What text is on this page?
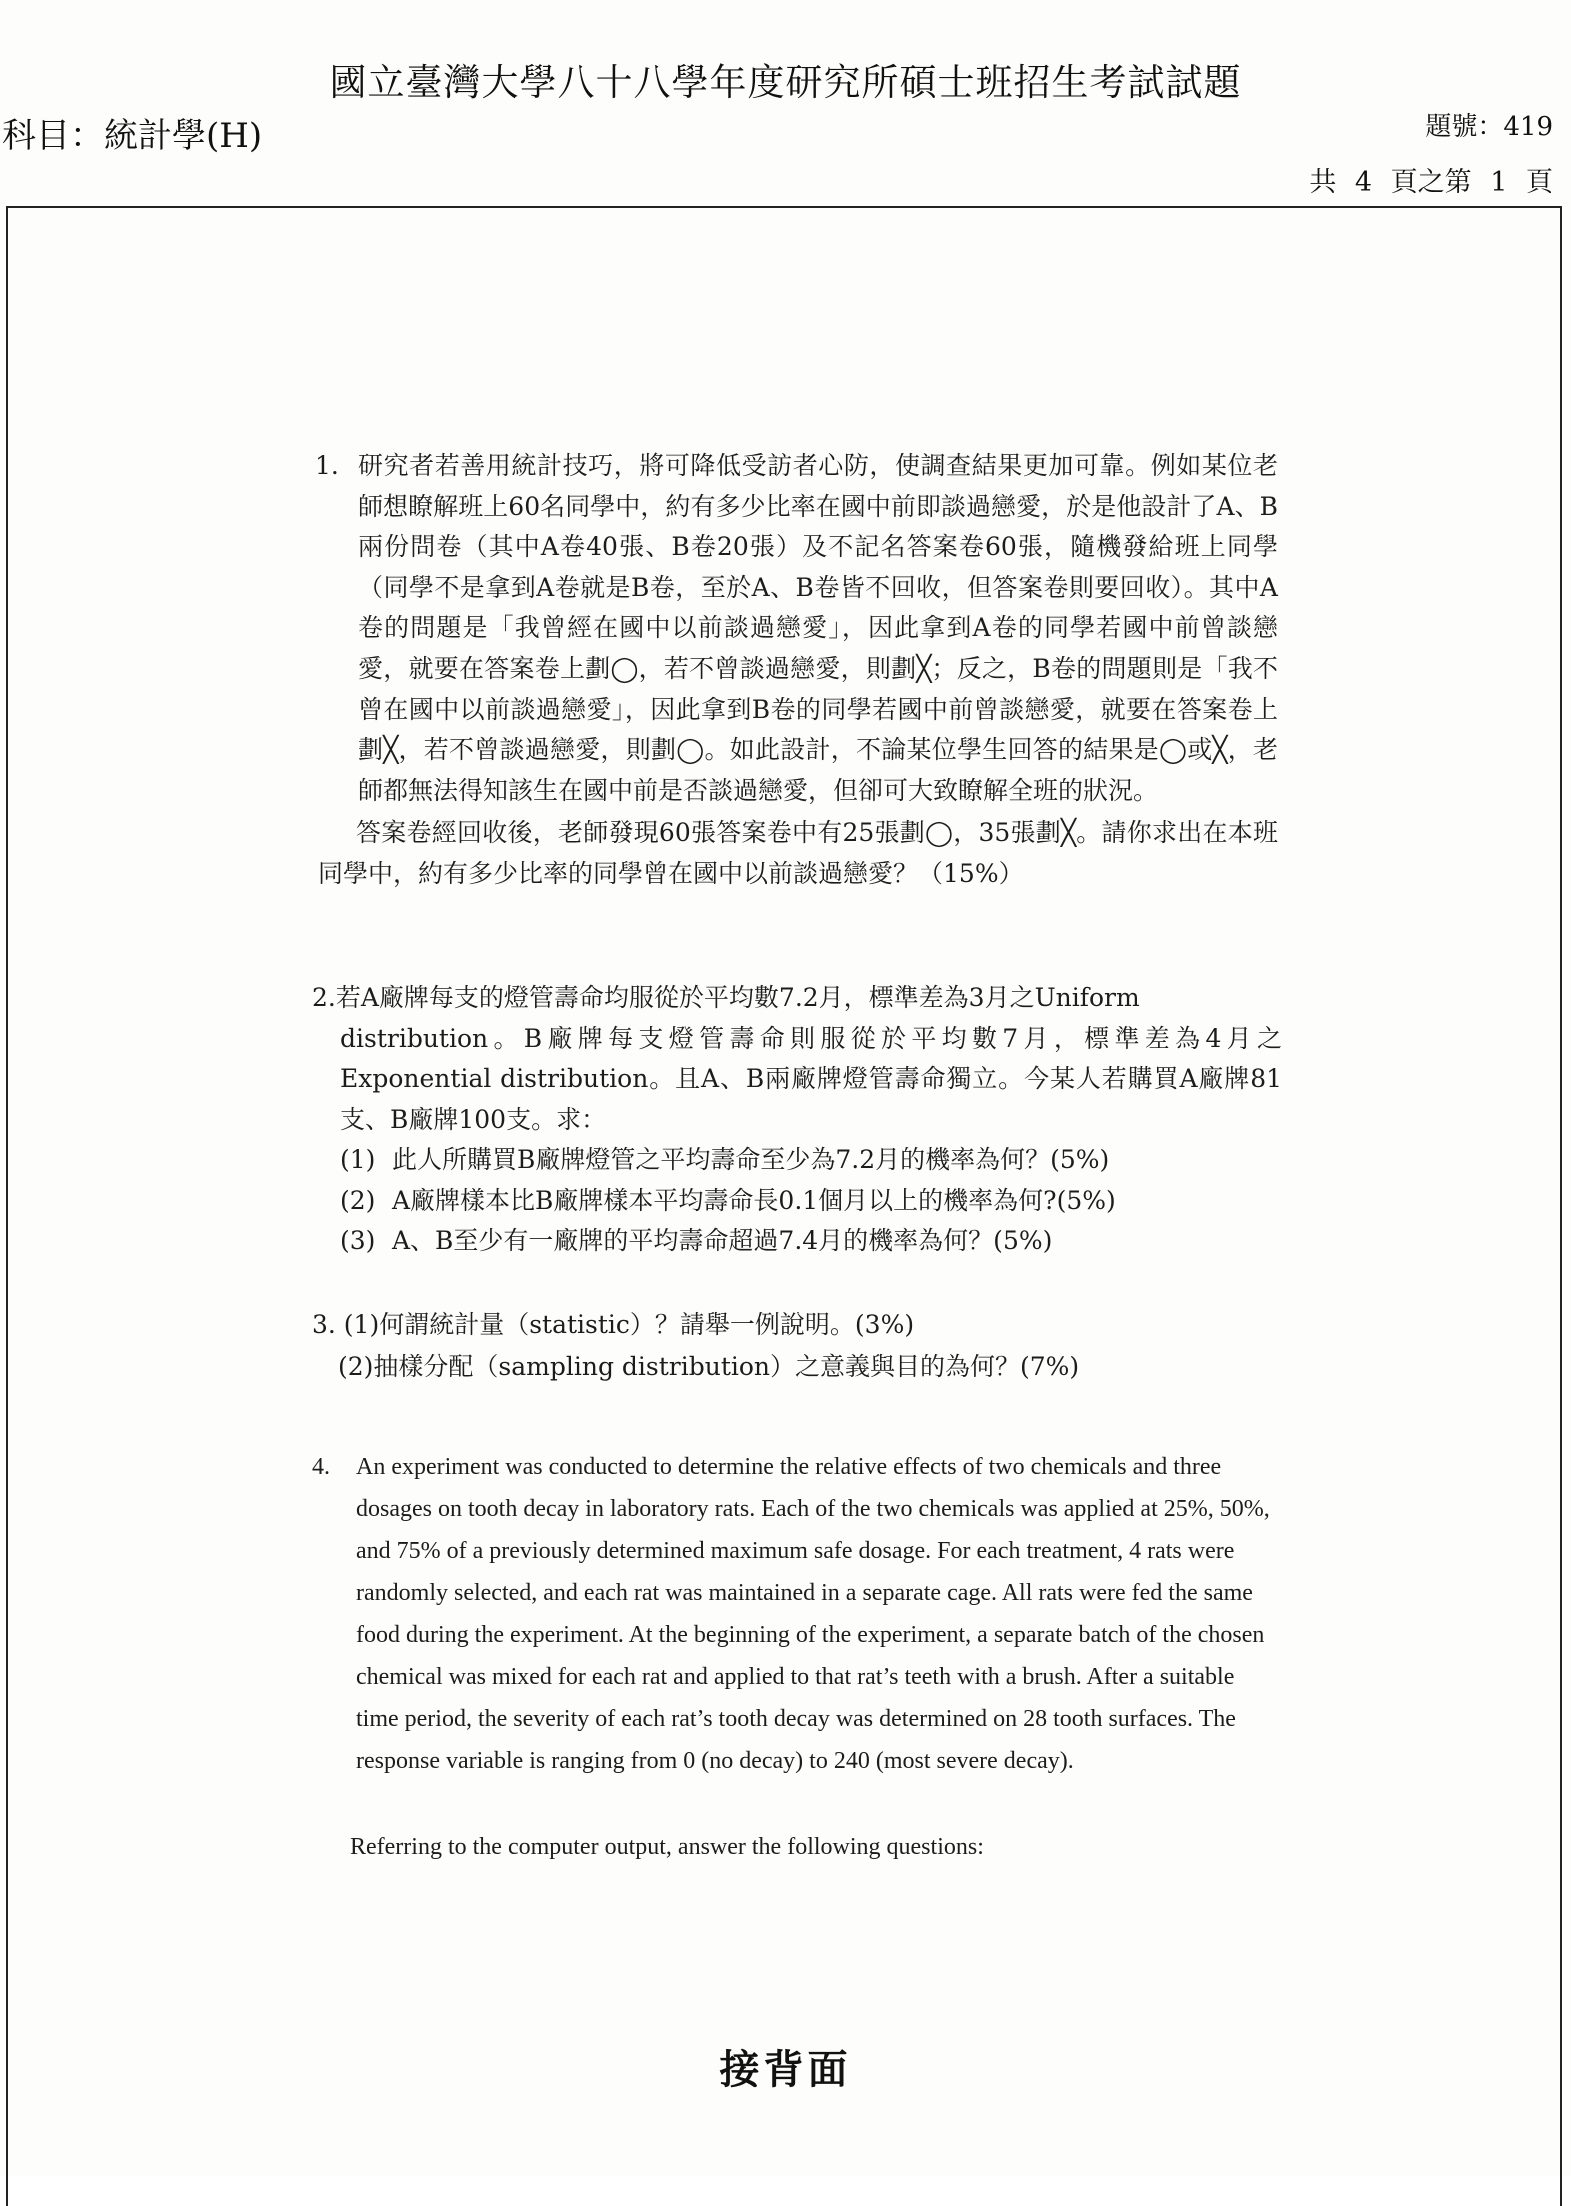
國立臺灣大學八十八學年度研究所碩士班招生考試試題
科目：統計學(H)	題號：419
共 4 頁之第 1 頁
1. 研究者若善用統計技巧，將可降低受訪者心防，使調查結果更加可靠。例如某位老師想瞭解班上60名同學中，約有多少比率在國中前即談過戀愛，於是他設計了A、B兩份問卷（其中A卷40張、B卷20張）及不記名答案卷60張，隨機發給班上同學（同學不是拿到A卷就是B卷，至於A、B卷皆不回收，但答案卷則要回收）。其中A卷的問題是「我曾經在國中以前談過戀愛」，因此拿到A卷的同學若國中前曾談戀愛，就要在答案卷上劃◯，若不曾談過戀愛，則劃╳；反之，B卷的問題則是「我不曾在國中以前談過戀愛」，因此拿到B卷的同學若國中前曾談戀愛，就要在答案卷上劃╳，若不曾談過戀愛，則劃◯。如此設計，不論某位學生回答的結果是◯或╳，老師都無法得知該生在國中前是否談過戀愛，但卻可大致瞭解全班的狀況。
答案卷經回收後，老師發現60張答案卷中有25張劃◯，35張劃╳。請你求出在本班同學中，約有多少比率的同學曾在國中以前談過戀愛？（15%）
2.若A廠牌每支的燈管壽命均服從於平均數7.2月，標準差為3月之Uniform
distribution。B廠牌每支燈管壽命則服從於平均數7月，標準差為4月之Exponential distribution。且A、B兩廠牌燈管壽命獨立。今某人若購買A廠牌81支、B廠牌100支。求：
(1) 此人所購買B廠牌燈管之平均壽命至少為7.2月的機率為何？(5%)
(2) A廠牌樣本比B廠牌樣本平均壽命長0.1個月以上的機率為何?(5%)
(3) A、B至少有一廠牌的平均壽命超過7.4月的機率為何？(5%)
3. (1)何謂統計量（statistic）？請舉一例說明。(3%)
(2)抽樣分配（sampling distribution）之意義與目的為何？(7%)
4.	An experiment was conducted to determine the relative effects of two chemicals and three dosages on tooth decay in laboratory rats. Each of the two chemicals was applied at 25%, 50%, and 75% of a previously determined maximum safe dosage. For each treatment, 4 rats were randomly selected, and each rat was maintained in a separate cage. All rats were fed the same food during the experiment. At the beginning of the experiment, a separate batch of the chosen chemical was mixed for each rat and applied to that rat’s teeth with a brush. After a suitable time period, the severity of each rat’s tooth decay was determined on 28 tooth surfaces. The response variable is ranging from 0 (no decay) to 240 (most severe decay).
Referring to the computer output, answer the following questions:
接背面
